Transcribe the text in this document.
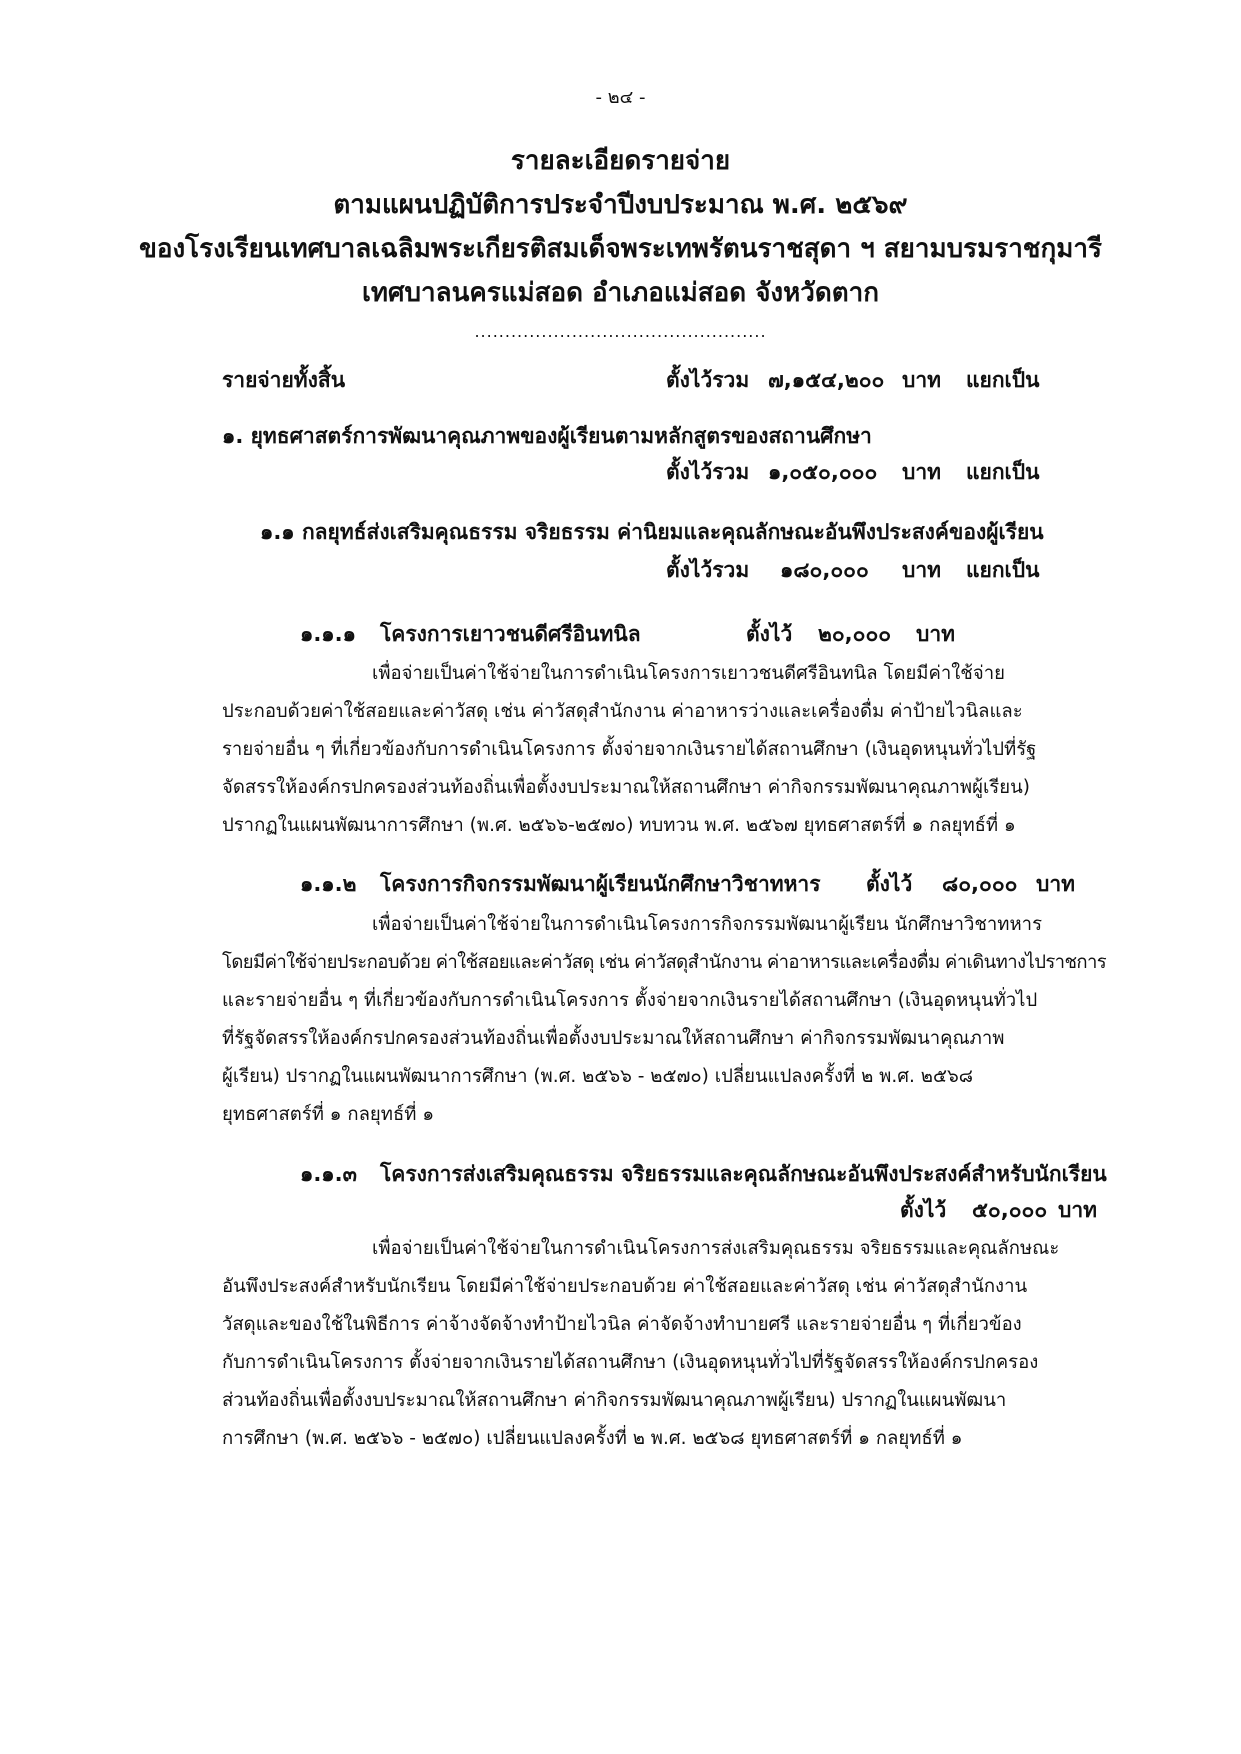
- ๒๔ -
รายละเอียดรายจ่าย
ตามแผนปฏิบัติการประจำปีงบประมาณ พ.ศ. ๒๕๖๙
ของโรงเรียนเทศบาลเฉลิมพระเกียรติสมเด็จพระเทพรัตนราชสุดา ฯ สยามบรมราชกุมารี
เทศบาลนครแม่สอด อำเภอแม่สอด จังหวัดตาก
................................................
รายจ่ายทั้งสิ้น	ตั้งไว้รวม ๗,๑๕๔,๒๐๐ บาท แยกเป็น
๑. ยุทธศาสตร์การพัฒนาคุณภาพของผู้เรียนตามหลักสูตรของสถานศึกษา
ตั้งไว้รวม ๑,๐๕๐,๐๐๐ บาท แยกเป็น
๑.๑ กลยุทธ์ส่งเสริมคุณธรรม จริยธรรม ค่านิยมและคุณลักษณะอันพึงประสงค์ของผู้เรียน
ตั้งไว้รวม ๑๘๐,๐๐๐ บาท แยกเป็น
๑.๑.๑ โครงการเยาวชนดีศรีอินทนิล	ตั้งไว้ ๒๐,๐๐๐ บาท
เพื่อจ่ายเป็นค่าใช้จ่ายในการดำเนินโครงการเยาวชนดีศรีอินทนิล โดยมีค่าใช้จ่าย
ประกอบด้วยค่าใช้สอยและค่าวัสดุ เช่น ค่าวัสดุสำนักงาน ค่าอาหารว่างและเครื่องดื่ม ค่าป้ายไวนิลและ
รายจ่ายอื่น ๆ ที่เกี่ยวข้องกับการดำเนินโครงการ ตั้งจ่ายจากเงินรายได้สถานศึกษา (เงินอุดหนุนทั่วไปที่รัฐ
จัดสรรให้องค์กรปกครองส่วนท้องถิ่นเพื่อตั้งงบประมาณให้สถานศึกษา ค่ากิจกรรมพัฒนาคุณภาพผู้เรียน)
ปรากฏในแผนพัฒนาการศึกษา (พ.ศ. ๒๕๖๖-๒๕๗๐) ทบทวน พ.ศ. ๒๕๖๗ ยุทธศาสตร์ที่ ๑ กลยุทธ์ที่ ๑
๑.๑.๒ โครงการกิจกรรมพัฒนาผู้เรียนนักศึกษาวิชาทหาร ตั้งไว้ ๘๐,๐๐๐ บาท
เพื่อจ่ายเป็นค่าใช้จ่ายในการดำเนินโครงการกิจกรรมพัฒนาผู้เรียน นักศึกษาวิชาทหาร
โดยมีค่าใช้จ่ายประกอบด้วย ค่าใช้สอยและค่าวัสดุ เช่น ค่าวัสดุสำนักงาน ค่าอาหารและเครื่องดื่ม ค่าเดินทางไปราชการ
และรายจ่ายอื่น ๆ ที่เกี่ยวข้องกับการดำเนินโครงการ ตั้งจ่ายจากเงินรายได้สถานศึกษา (เงินอุดหนุนทั่วไป
ที่รัฐจัดสรรให้องค์กรปกครองส่วนท้องถิ่นเพื่อตั้งงบประมาณให้สถานศึกษา ค่ากิจกรรมพัฒนาคุณภาพ
ผู้เรียน) ปรากฏในแผนพัฒนาการศึกษา (พ.ศ. ๒๕๖๖ - ๒๕๗๐) เปลี่ยนแปลงครั้งที่ ๒ พ.ศ. ๒๕๖๘
ยุทธศาสตร์ที่ ๑ กลยุทธ์ที่ ๑
๑.๑.๓ โครงการส่งเสริมคุณธรรม จริยธรรมและคุณลักษณะอันพึงประสงค์สำหรับนักเรียน
ตั้งไว้ ๕๐,๐๐๐ บาท
เพื่อจ่ายเป็นค่าใช้จ่ายในการดำเนินโครงการส่งเสริมคุณธรรม จริยธรรมและคุณลักษณะ
อันพึงประสงค์สำหรับนักเรียน โดยมีค่าใช้จ่ายประกอบด้วย ค่าใช้สอยและค่าวัสดุ เช่น ค่าวัสดุสำนักงาน
วัสดุและของใช้ในพิธีการ ค่าจ้างจัดจ้างทำป้ายไวนิล ค่าจัดจ้างทำบายศรี และรายจ่ายอื่น ๆ ที่เกี่ยวข้อง
กับการดำเนินโครงการ ตั้งจ่ายจากเงินรายได้สถานศึกษา (เงินอุดหนุนทั่วไปที่รัฐจัดสรรให้องค์กรปกครอง
ส่วนท้องถิ่นเพื่อตั้งงบประมาณให้สถานศึกษา ค่ากิจกรรมพัฒนาคุณภาพผู้เรียน) ปรากฏในแผนพัฒนา
การศึกษา (พ.ศ. ๒๕๖๖ - ๒๕๗๐) เปลี่ยนแปลงครั้งที่ ๒ พ.ศ. ๒๕๖๘ ยุทธศาสตร์ที่ ๑ กลยุทธ์ที่ ๑
